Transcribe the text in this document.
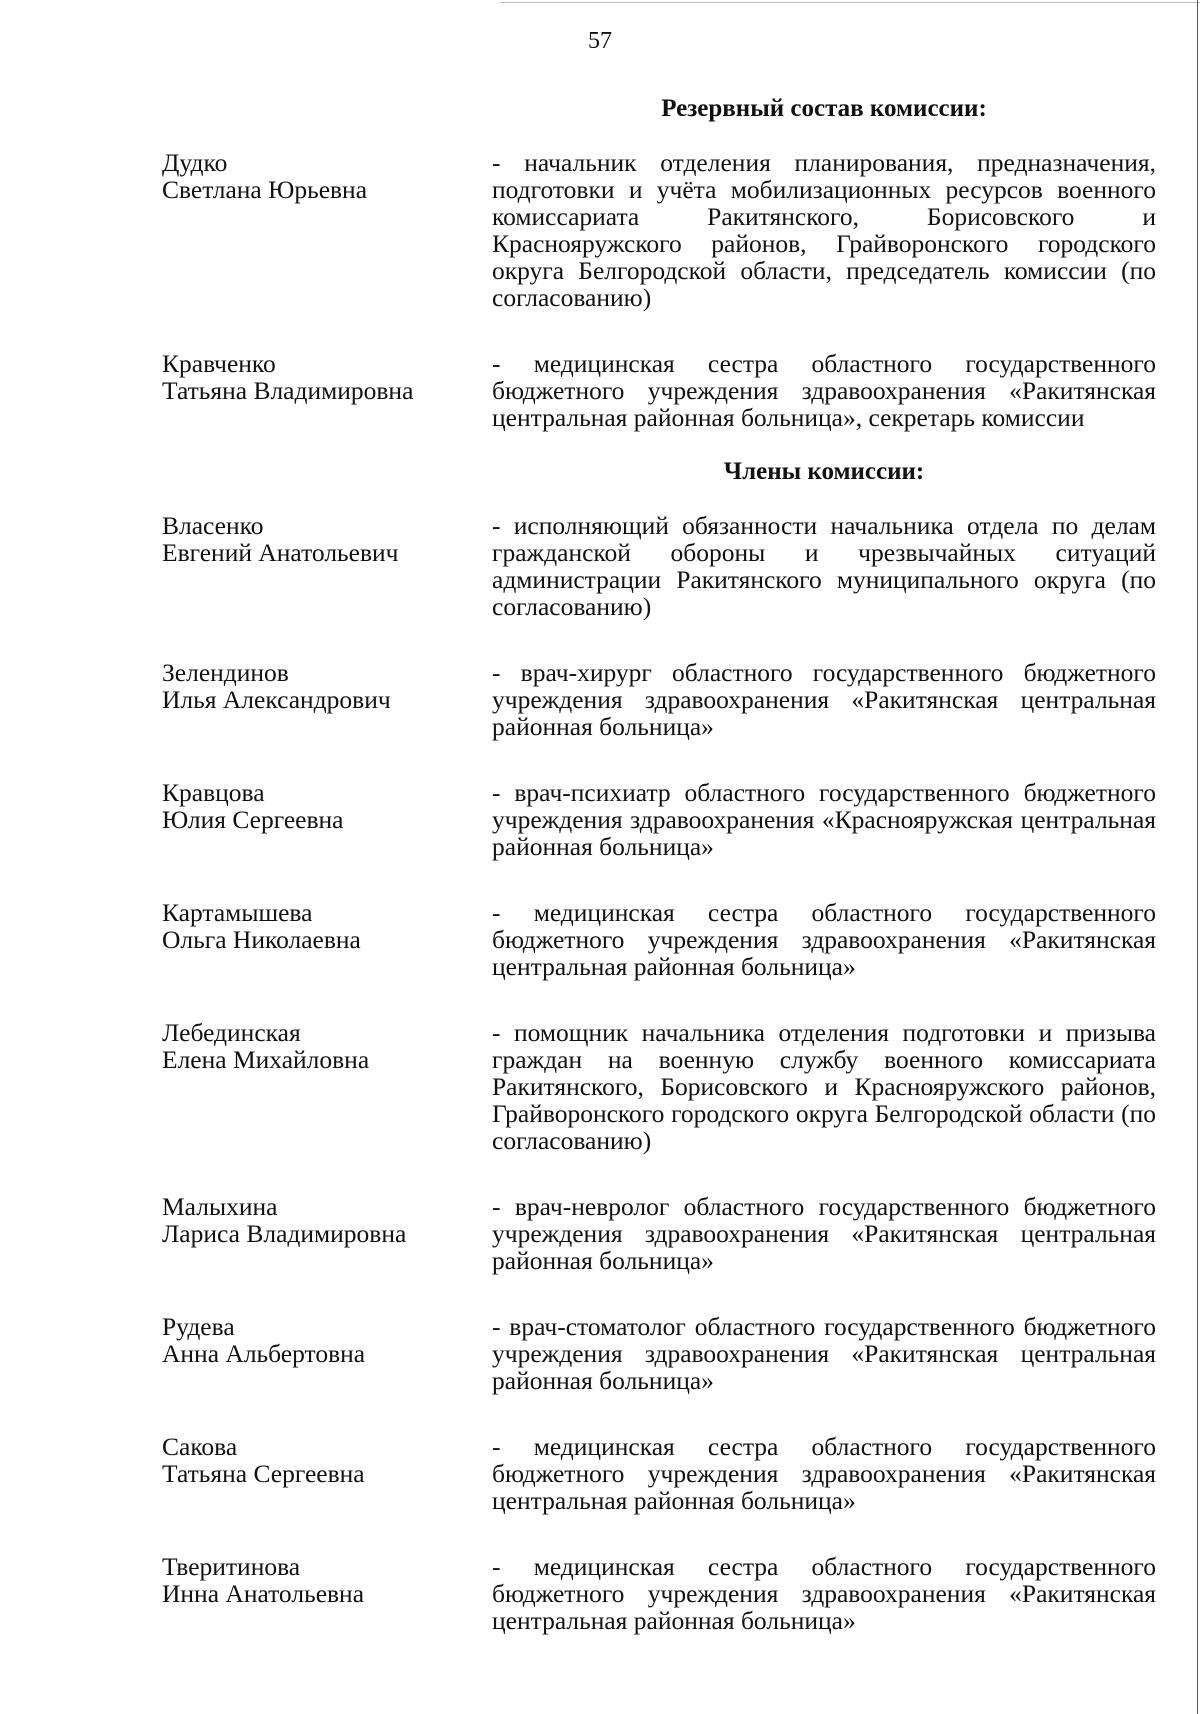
57
Резервный состав комиссии:
Дудко
Светлана Юрьевна
- начальник отделения планирования, предназначения, подготовки и учёта мобилизационных ресурсов военного комиссариата Ракитянского, Борисовского и Краснояружского районов, Грайворонского городского округа Белгородской области, председатель комиссии (по согласованию)
Кравченко
Татьяна Владимировна
- медицинская сестра областного государственного бюджетного учреждения здравоохранения «Ракитянская центральная районная больница», секретарь комиссии
Члены комиссии:
Власенко
Евгений Анатольевич
- исполняющий обязанности начальника отдела по делам гражданской обороны и чрезвычайных ситуаций администрации Ракитянского муниципального округа (по согласованию)
Зелендинов
Илья Александрович
- врач-хирург областного государственного бюджетного учреждения здравоохранения «Ракитянская центральная районная больница»
Кравцова
Юлия Сергеевна
- врач-психиатр областного государственного бюджетного учреждения здравоохранения «Краснояружская центральная районная больница»
Картамышева
Ольга Николаевна
- медицинская сестра областного государственного бюджетного учреждения здравоохранения «Ракитянская центральная районная больница»
Лебединская
Елена Михайловна
- помощник начальника отделения подготовки и призыва граждан на военную службу военного комиссариата Ракитянского, Борисовского и Краснояружского районов, Грайворонского городского округа Белгородской области (по согласованию)
Малыхина
Лариса Владимировна
- врач-невролог областного государственного бюджетного учреждения здравоохранения «Ракитянская центральная районная больница»
Рудева
Анна Альбертовна
- врач-стоматолог областного государственного бюджетного учреждения здравоохранения «Ракитянская центральная районная больница»
Сакова
Татьяна Сергеевна
- медицинская сестра областного государственного бюджетного учреждения здравоохранения «Ракитянская центральная районная больница»
Тверитинова
Инна Анатольевна
- медицинская сестра областного государственного бюджетного учреждения здравоохранения «Ракитянская центральная районная больница»
